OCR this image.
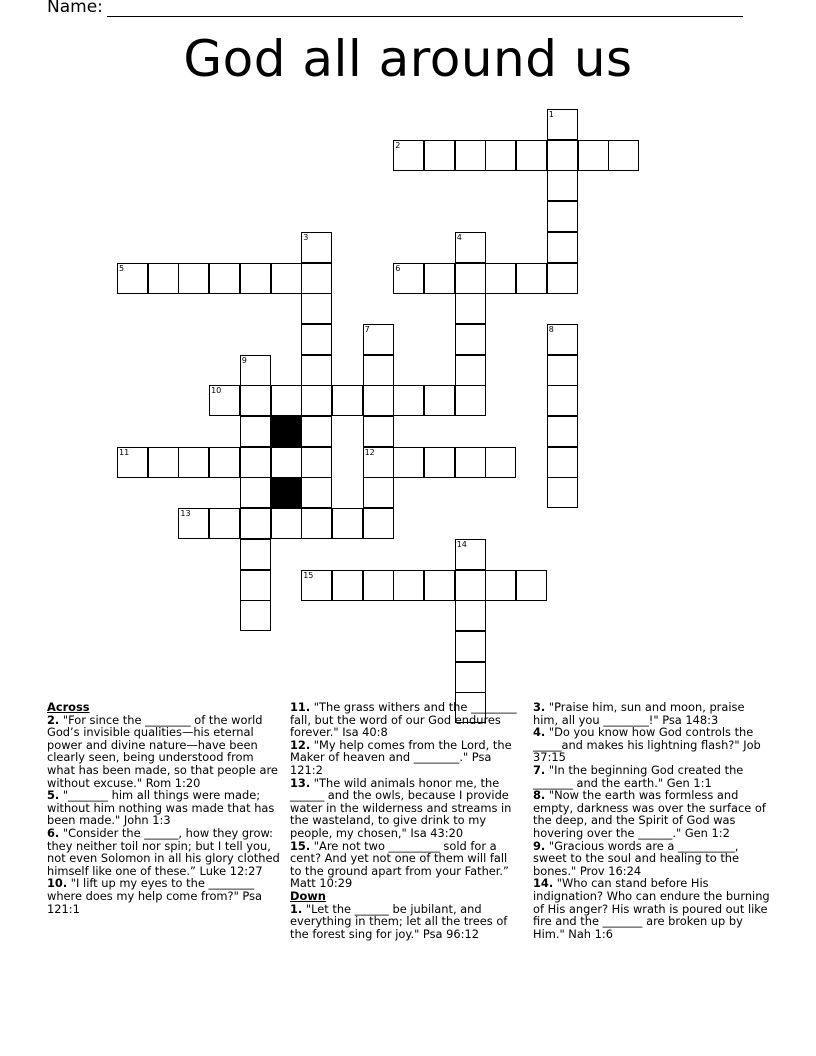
Name:
God all around us
1
2
3	4
5	6
7
12
8
9
10
11
13
14
15
Across
2. "For since the ________ of the world God’s invisible qualities—his eternal power and divine nature—have been clearly seen, being understood from what has been made, so that people are without excuse." Rom 1:20
5. "_______ him all things were made; without him nothing was made that has been made." John 1:3
6. "Consider the ______, how they grow: they neither toil nor spin; but I tell you, not even Solomon in all his glory clothed himself like one of these.” Luke 12:27
10. "I lift up my eyes to the ________ where does my help come from?" Psa 121:1
11. "The grass withers and the ________ fall, but the word of our God endures forever." Isa 40:8
12. "My help comes from the Lord, the Maker of heaven and ________." Psa 121:2
13. "The wild animals honor me, the ______ and the owls, because I provide water in the wilderness and streams in the wasteland, to give drink to my people, my chosen," Isa 43:20
15. "Are not two _________ sold for a cent? And yet not one of them will fall to the ground apart from your Father.” Matt 10:29
Down
1. "Let the ______ be jubilant, and everything in them; let all the trees of the forest sing for joy." Psa 96:12
3. "Praise him, sun and moon, praise him, all you ________!" Psa 148:3
4. "Do you know how God controls the _____and makes his lightning flash?" Job 37:15
7. "In the beginning God created the _______ and the earth." Gen 1:1
8. "Now the earth was formless and empty, darkness was over the surface of the deep, and the Spirit of God was hovering over the ______." Gen 1:2
9. "Gracious words are a __________, sweet to the soul and healing to the bones." Prov 16:24
14. "Who can stand before His indignation? Who can endure the burning of His anger? His wrath is poured out like fire and the _______ are broken up by Him." Nah 1:6
